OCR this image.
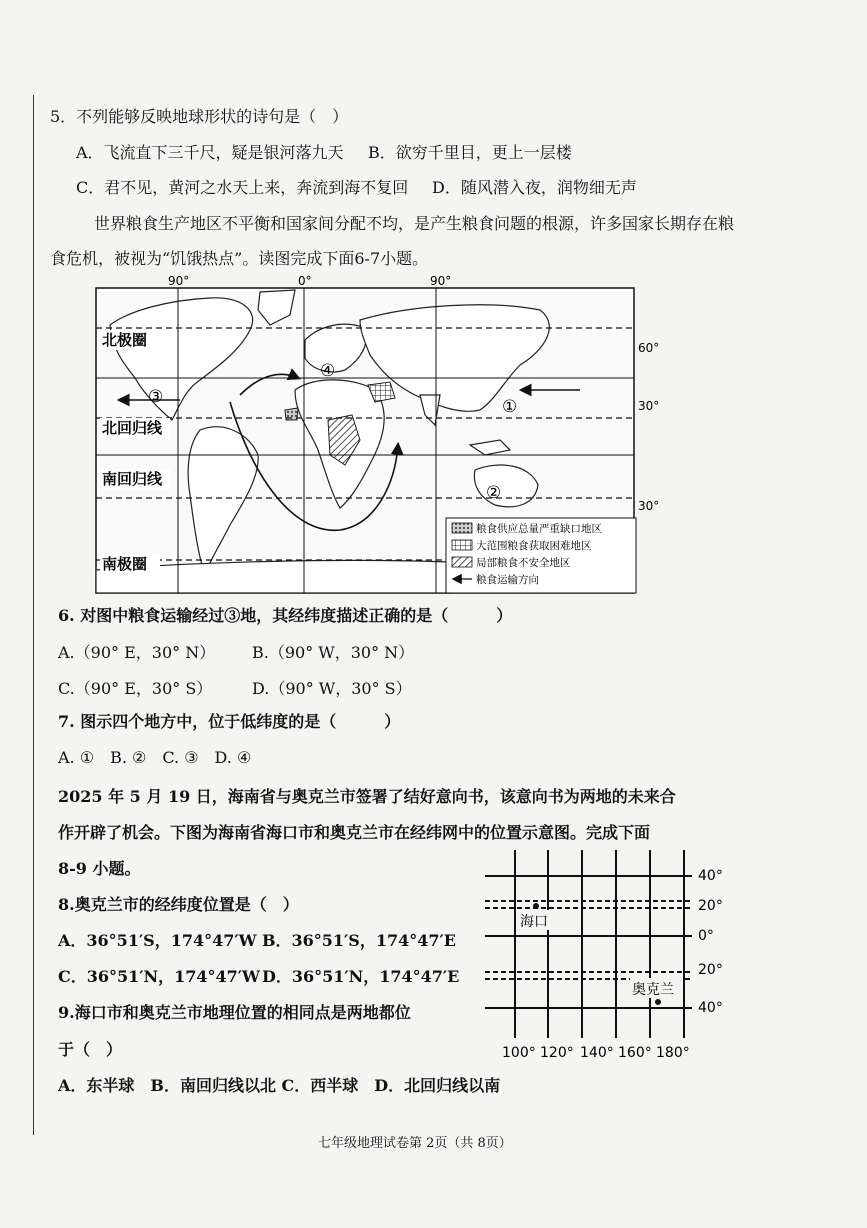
5．不列能够反映地球形状的诗句是（　）
A．飞流直下三千尺，疑是银河落九天 B．欲穷千里目，更上一层楼
C．君不见，黄河之水天上来，奔流到海不复回 D．随风潜入夜，润物细无声
世界粮食生产地区不平衡和国家间分配不均，是产生粮食问题的根源，许多国家长期存在粮
食危机，被视为“饥饿热点”。读图完成下面6-7小题。
90°	0°	90°
60°
30°
30°
北极圈
北回归线
南回归线
南极圈
③
④
①
②
粮食供应总量严重缺口地区
大范围粮食获取困难地区
局部粮食不安全地区
粮食运输方向
6. 对图中粮食运输经过③地，其经纬度描述正确的是（　　　）
A.（90° E，30° N） B.（90° W，30° N）
C.（90° E，30° S） D.（90° W，30° S）
7. 图示四个地方中，位于低纬度的是（　　　）
A. ①　B. ②　C. ③　D. ④
2025 年 5 月 19 日，海南省与奥克兰市签署了结好意向书，该意向书为两地的未来合
作开辟了机会。下图为海南省海口市和奥克兰市在经纬网中的位置示意图。完成下面
8-9 小题。
8.奥克兰市的经纬度位置是（　）
A．36°51′S，174°47′W B．36°51′S，174°47′E
C．36°51′N，174°47′W D．36°51′N，174°47′E
9.海口市和奥克兰市地理位置的相同点是两地都位
于（　）
A．东半球　B．南回归线以北 C．西半球　D．北回归线以南
40°
20°
0°
20°
40°
海口
奥克兰
100° 120° 140° 160° 180°
七年级地理试卷第 2页（共 8页）
